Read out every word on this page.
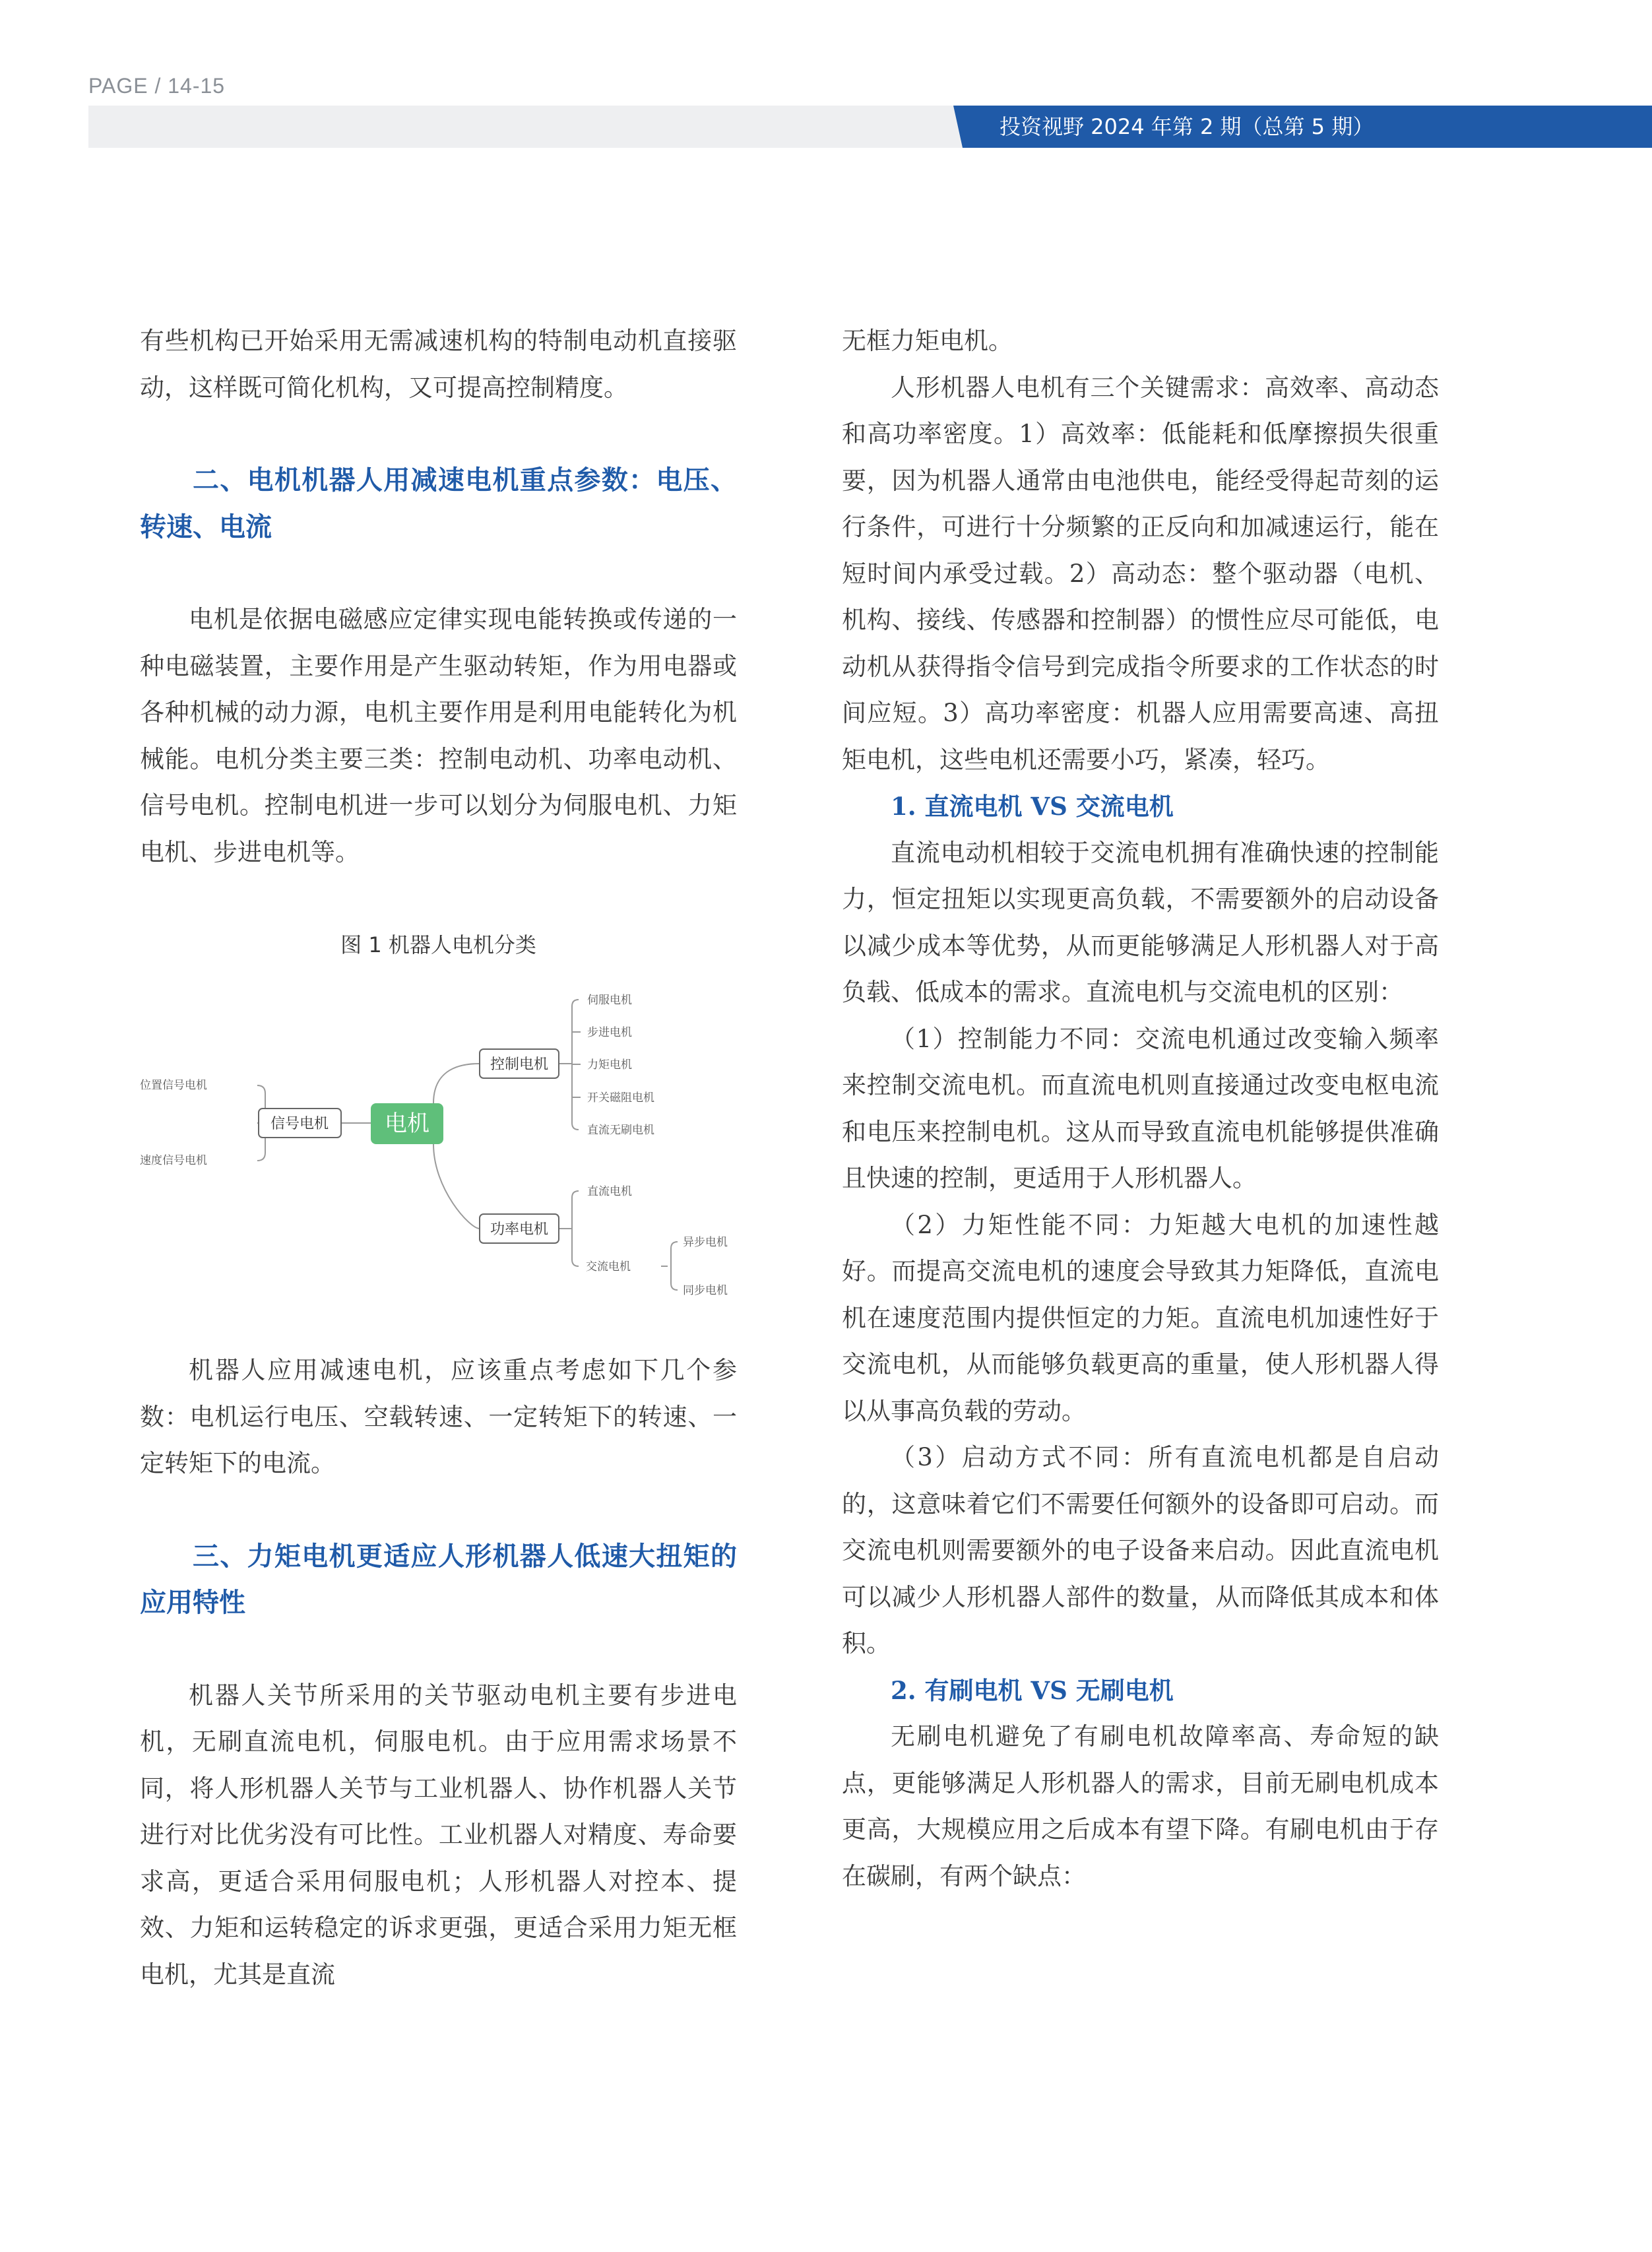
PAGE / 14-15
投资视野 2024 年第 2 期（总第 5 期）

有些机构已开始采用无需减速机构的特制电动机直接驱动，这样既可简化机构，又可提高控制精度。

二、电机机器人用减速电机重点参数：电压、转速、电流

电机是依据电磁感应定律实现电能转换或传递的一种电磁装置，主要作用是产生驱动转矩，作为用电器或各种机械的动力源，电机主要作用是利用电能转化为机械能。电机分类主要三类：控制电动机、功率电动机、信号电机。控制电机进一步可以划分为伺服电机、力矩电机、步进电机等。

图 1 机器人电机分类

电机
信号电机
位置信号电机
速度信号电机
控制电机
伺服电机
步进电机
力矩电机
开关磁阻电机
直流无刷电机
功率电机
直流电机
交流电机
异步电机
同步电机

机器人应用减速电机，应该重点考虑如下几个参数：电机运行电压、空载转速、一定转矩下的转速、一定转矩下的电流。

三、力矩电机更适应人形机器人低速大扭矩的应用特性

机器人关节所采用的关节驱动电机主要有步进电机，无刷直流电机，伺服电机。由于应用需求场景不同，将人形机器人关节与工业机器人、协作机器人关节进行对比优劣没有可比性。工业机器人对精度、寿命要求高，更适合采用伺服电机；人形机器人对控本、提效、力矩和运转稳定的诉求更强，更适合采用力矩无框电机，尤其是直流

无框力矩电机。

人形机器人电机有三个关键需求：高效率、高动态和高功率密度。1）高效率：低能耗和低摩擦损失很重要，因为机器人通常由电池供电，能经受得起苛刻的运行条件，可进行十分频繁的正反向和加减速运行，能在短时间内承受过载。2）高动态：整个驱动器（电机、机构、接线、传感器和控制器）的惯性应尽可能低，电动机从获得指令信号到完成指令所要求的工作状态的时间应短。3）高功率密度：机器人应用需要高速、高扭矩电机，这些电机还需要小巧，紧凑，轻巧。

1. 直流电机 VS 交流电机

直流电动机相较于交流电机拥有准确快速的控制能力，恒定扭矩以实现更高负载，不需要额外的启动设备以减少成本等优势，从而更能够满足人形机器人对于高负载、低成本的需求。直流电机与交流电机的区别：

（1）控制能力不同：交流电机通过改变输入频率来控制交流电机。而直流电机则直接通过改变电枢电流和电压来控制电机。这从而导致直流电机能够提供准确且快速的控制，更适用于人形机器人。

（2）力矩性能不同：力矩越大电机的加速性越好。而提高交流电机的速度会导致其力矩降低，直流电机在速度范围内提供恒定的力矩。直流电机加速性好于交流电机，从而能够负载更高的重量，使人形机器人得以从事高负载的劳动。

（3）启动方式不同：所有直流电机都是自启动的，这意味着它们不需要任何额外的设备即可启动。而交流电机则需要额外的电子设备来启动。因此直流电机可以减少人形机器人部件的数量，从而降低其成本和体积。

2. 有刷电机 VS 无刷电机

无刷电机避免了有刷电机故障率高、寿命短的缺点，更能够满足人形机器人的需求，目前无刷电机成本更高，大规模应用之后成本有望下降。有刷电机由于存在碳刷，有两个缺点：
